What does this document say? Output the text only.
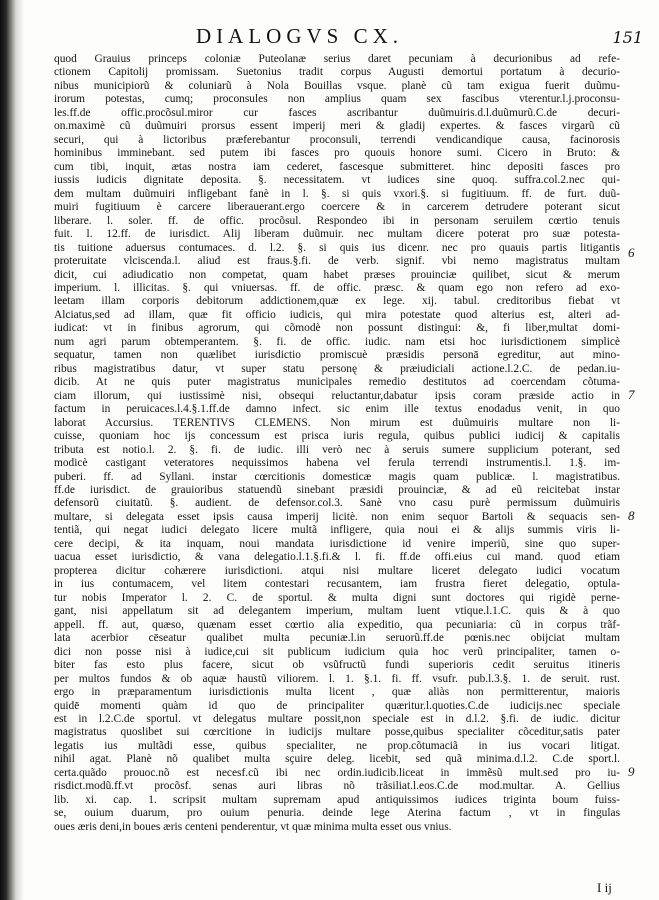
DIALOGVS CX.	151
quod Grauius princeps coloniæ Puteolanæ serius daret pecuniam à decurionibus ad refe-
ctionem Capitolij promissam. Suetonius tradit corpus Augusti demortui portatum à decurio-
nibus municipiorũ & coluniarũ à Nola Bouillas vsque. planè cũ tam exigua fuerit duũmu-
irorum potestas, cumq; proconsules non amplius quam sex fascibus vterentur.l.j.proconsu-
les.ff.de offic.procõsul.miror cur fasces ascribantur duũmuiris.d.l.duũmurũ.C.de decuri-
on.maximè cũ duũmuiri prorsus essent imperij meri & gladij expertes. & fasces virgarũ cũ
securi, qui à lictoribus præferebantur proconsuli, terrendi vendicandique causa, facinorosis
hominibus imminebant. sed putem ibi fasces pro quouis honore sumi. Cicero in Bruto: &
cum tibi, inquit, ætas nostra iam cederet, fascesque submitteret. hinc depositi fasces pro
iussis iudicis dignitate deposita. §. necessitatem. vt iudices sine quoq. suffra.col.2.nec qui-
dem multam duũmuiri infligebant fanè in l. §. si quis vxori.§. si fugitiuum. ff. de furt. duũ-
muiri fugitiuum è carcere liberauerant.ergo coercere & in carcerem detrudere poterant sicut
liberare. l. soler. ff. de offic. procõsul. Respondeo ibi in personam seruilem cœrtio tenuis
fuit. l. 12.ff. de iurisdict. Alij liberam duũmuir. nec multam dicere poterat pro suæ potesta-
tis tuitione aduersus contumaces. d. l.2. §. si quis ius dicenr. nec pro quauis partis litigantis
proteruitate vlciscenda.l. aliud est fraus.§.fi. de verb. signif. vbi nemo magistratus multam
dicit, cui adiudicatio non competat, quam habet præses prouinciæ quilibet, sicut & merum
imperium. l. illicitas. §. qui vniuersas. ff. de offic. præsc. & quam ego non refero ad exo-
leetam illam corporis debitorum addictionem,quæ ex lege. xij. tabul. creditoribus fiebat vt
Alciatus,sed ad illam, quæ fit officio iudicis, qui mira potestate quod alterius est, alteri ad-
iudicat: vt in finibus agrorum, qui cõmodè non possunt distingui: &, fi liber,multat domi-
num agri parum obtemperantem. §. fi. de offic. iudic. nam etsi hoc iurisdictionem simplicè
sequatur, tamen non quælibet iurisdictio promiscuè præsidis personā egreditur, aut mino-
ribus magistratibus datur, vt super statu personę & præiudiciali actione.l.2.C. de pedan.iu-
dicib. At ne quis puter magistratus municipales remedio destitutos ad coercendam cõtuma-
ciam illorum, qui iustissimè nisi, obsequi reluctantur,dabatur ipsis coram præside actio in
factum in peruicaces.l.4.§.1.ff.de damno infect. sic enim ille textus enodadus venit, in quo
laborat Accursius. TERENTIVS CLEMENS. Non mirum est duũmuiris multare non li-
cuisse, quoniam hoc ijs concessum est prisca iuris regula, quibus publici iudicij & capitalis
tributa est notio.l. 2. §. fi. de iudic. illi verò nec à seruis sumere supplicium poterant, sed
modicè castigant veteratores nequissimos habena vel ferula terrendi instrumentis.l. 1.§. im-
puberi. ff. ad Syllani. instar cœrcitionis domesticæ magis quam publicæ. l. magistratibus.
ff.de iurisdict. de grauioribus statuendũ sinebant præsidi prouinciæ, & ad eũ reicitebat instar
defensorũ ciuitatũ. §. audient. de defensor.col.3. Sanè vno casu purè permissum duũmuiris
multare, si delegata esset ipsis causa imperij licitè. non enim sequor Bartoli & sequacis sen-
tentiã, qui negat iudici delegato licere multã infligere, quia noui ei & alijs summis viris li-
cere decipi, & ita inquam, noui mandata iurisdictione id venire imperiũ, sine quo super-
uacua esset iurisdictio, & vana delegatio.l.1.§.fi.& l. fi. ff.de offi.eius cui mand. quod etiam
propterea dicitur cohærere iurisdictioni. atqui nisi multare liceret delegato iudici vocatum
in ius contumacem, vel litem contestari recusantem, iam frustra fieret delegatio, optula-
tur nobis Imperator l. 2. C. de sportul. & multa digni sunt doctores qui rigidè perne-
gant, nisi appellatum sit ad delegantem imperium, multam luent vtique.l.1.C. quis & à quo
appell. ff. aut, quæso, quænam esset cœrtio alia expeditio, qua pecuniaria: cũ in corpus trãf-
lata acerbior cēseatur qualibet multa pecuniæ.l.in seruorũ.ff.de pœnis.nec obijciat multam
dici non posse nisi à iudice,cui sit publicum iudicium quia hoc verũ principaliter, tamen o-
biter fas esto plus facere, sicut ob vsũfructũ fundi superioris cedit seruitus itineris
per multos fundos & ob aquæ haustũ viliorem. l. 1. §.1. fi. ff. vsufr. pub.l.3.§. 1. de seruit. rust.
ergo in præparamentum iurisdictionis multa licent , quæ aliàs non permitterentur, maioris
quidē momenti quàm id quo de principaliter quæritur.l.quoties.C.de iudicijs.nec speciale
est in l.2.C.de sportul. vt delegatus multare possit,non speciale est in d.l.2. §.fi. de iudic. dicitur
magistratus quoslibet sui cœrcitione in iudicijs multare posse,quibus specialiter cõceditur,satis pater
legatis ius multãdi esse, quibus specialiter, ne prop.cõtumaciã in ius vocari litigat.
nihil agat. Planè nõ qualibet multa sçuire deleg. licebit, sed quã minima.d.l.2. C.de sport.l.
certa.quãdo prouoc.nõ est necesf.cũ ibi nec ordin.iudicib.liceat in immẽsũ mult.sed pro iu-
risdict.modũ.ff.vt procõsf. senas auri libras nõ trãsiliat.l.eos.C.de mod.multar. A. Gellius
lib. xi. cap. 1. scripsit multam supremam apud antiquissimos iudices triginta boum fuiss-
se, ouium duarum, pro ouium penuria. deinde lege Aterina factum , vt in fingulas
oues æris deni,in boues æris centeni penderentur, vt quæ minima multa esset ous vnius.
6
7
8
9
I ij
